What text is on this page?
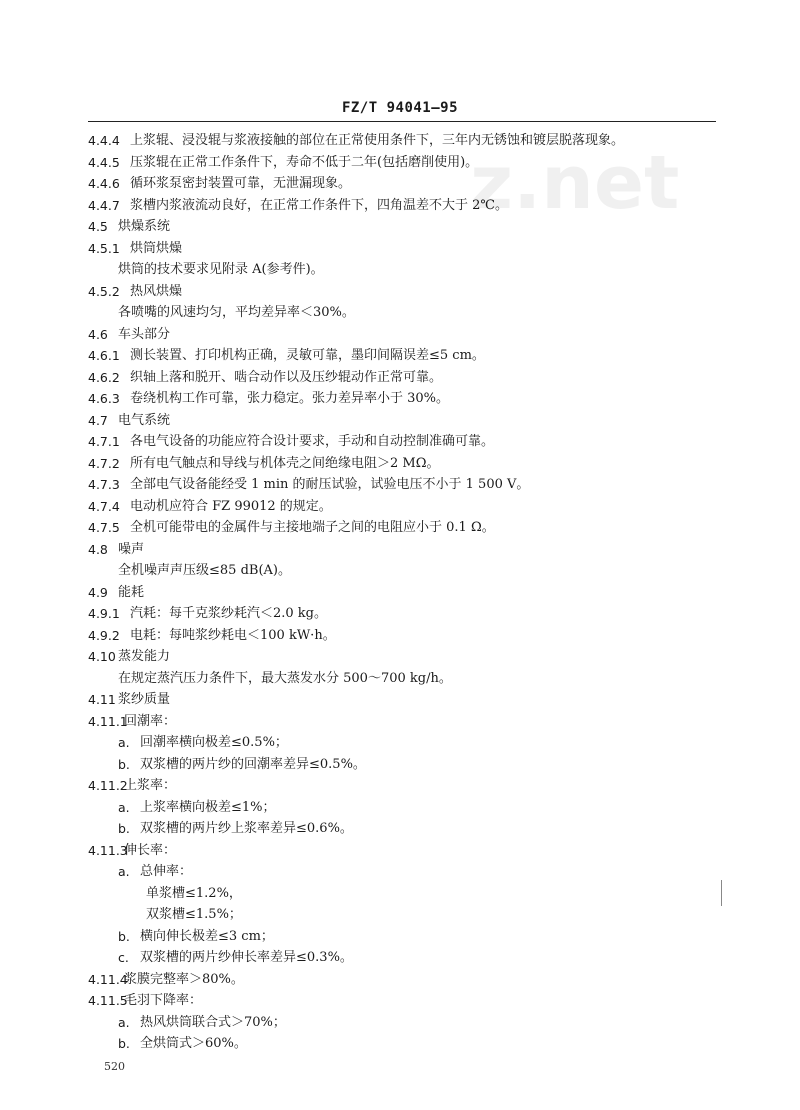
z.net
FZ/T 94041—95
4.4.4 上浆辊、浸没辊与浆液接触的部位在正常使用条件下，三年内无锈蚀和镀层脱落现象。
4.4.5 压浆辊在正常工作条件下，寿命不低于二年(包括磨削使用)。
4.4.6 循环浆泵密封装置可靠，无泄漏现象。
4.4.7 浆槽内浆液流动良好，在正常工作条件下，四角温差不大于 2℃。
4.5 烘燥系统
4.5.1 烘筒烘燥
烘筒的技术要求见附录 A(参考件)。
4.5.2 热风烘燥
各喷嘴的风速均匀，平均差异率＜30%。
4.6 车头部分
4.6.1 测长装置、打印机构正确，灵敏可靠，墨印间隔误差≤5 cm。
4.6.2 织轴上落和脱开、啮合动作以及压纱辊动作正常可靠。
4.6.3 卷绕机构工作可靠，张力稳定。张力差异率小于 30%。
4.7 电气系统
4.7.1 各电气设备的功能应符合设计要求，手动和自动控制准确可靠。
4.7.2 所有电气触点和导线与机体壳之间绝缘电阻＞2 MΩ。
4.7.3 全部电气设备能经受 1 min 的耐压试验，试验电压不小于 1 500 V。
4.7.4 电动机应符合 FZ 99012 的规定。
4.7.5 全机可能带电的金属件与主接地端子之间的电阻应小于 0.1 Ω。
4.8 噪声
全机噪声声压级≤85 dB(A)。
4.9 能耗
4.9.1 汽耗：每千克浆纱耗汽＜2.0 kg。
4.9.2 电耗：每吨浆纱耗电＜100 kW·h。
4.10 蒸发能力
在规定蒸汽压力条件下，最大蒸发水分 500～700 kg/h。
4.11 浆纱质量
4.11.1
回潮率：
a. 回潮率横向极差≤0.5%；
b. 双浆槽的两片纱的回潮率差异≤0.5%。
4.11.2
上浆率：
a. 上浆率横向极差≤1%；
b. 双浆槽的两片纱上浆率差异≤0.6%。
4.11.3
伸长率：
a. 总伸率：
单浆槽≤1.2%，
双浆槽≤1.5%；
b. 横向伸长极差≤3 cm；
c. 双浆槽的两片纱伸长率差异≤0.3%。
4.11.4
浆膜完整率＞80%。
4.11.5
毛羽下降率：
a. 热风烘筒联合式＞70%；
b. 全烘筒式＞60%。
520
